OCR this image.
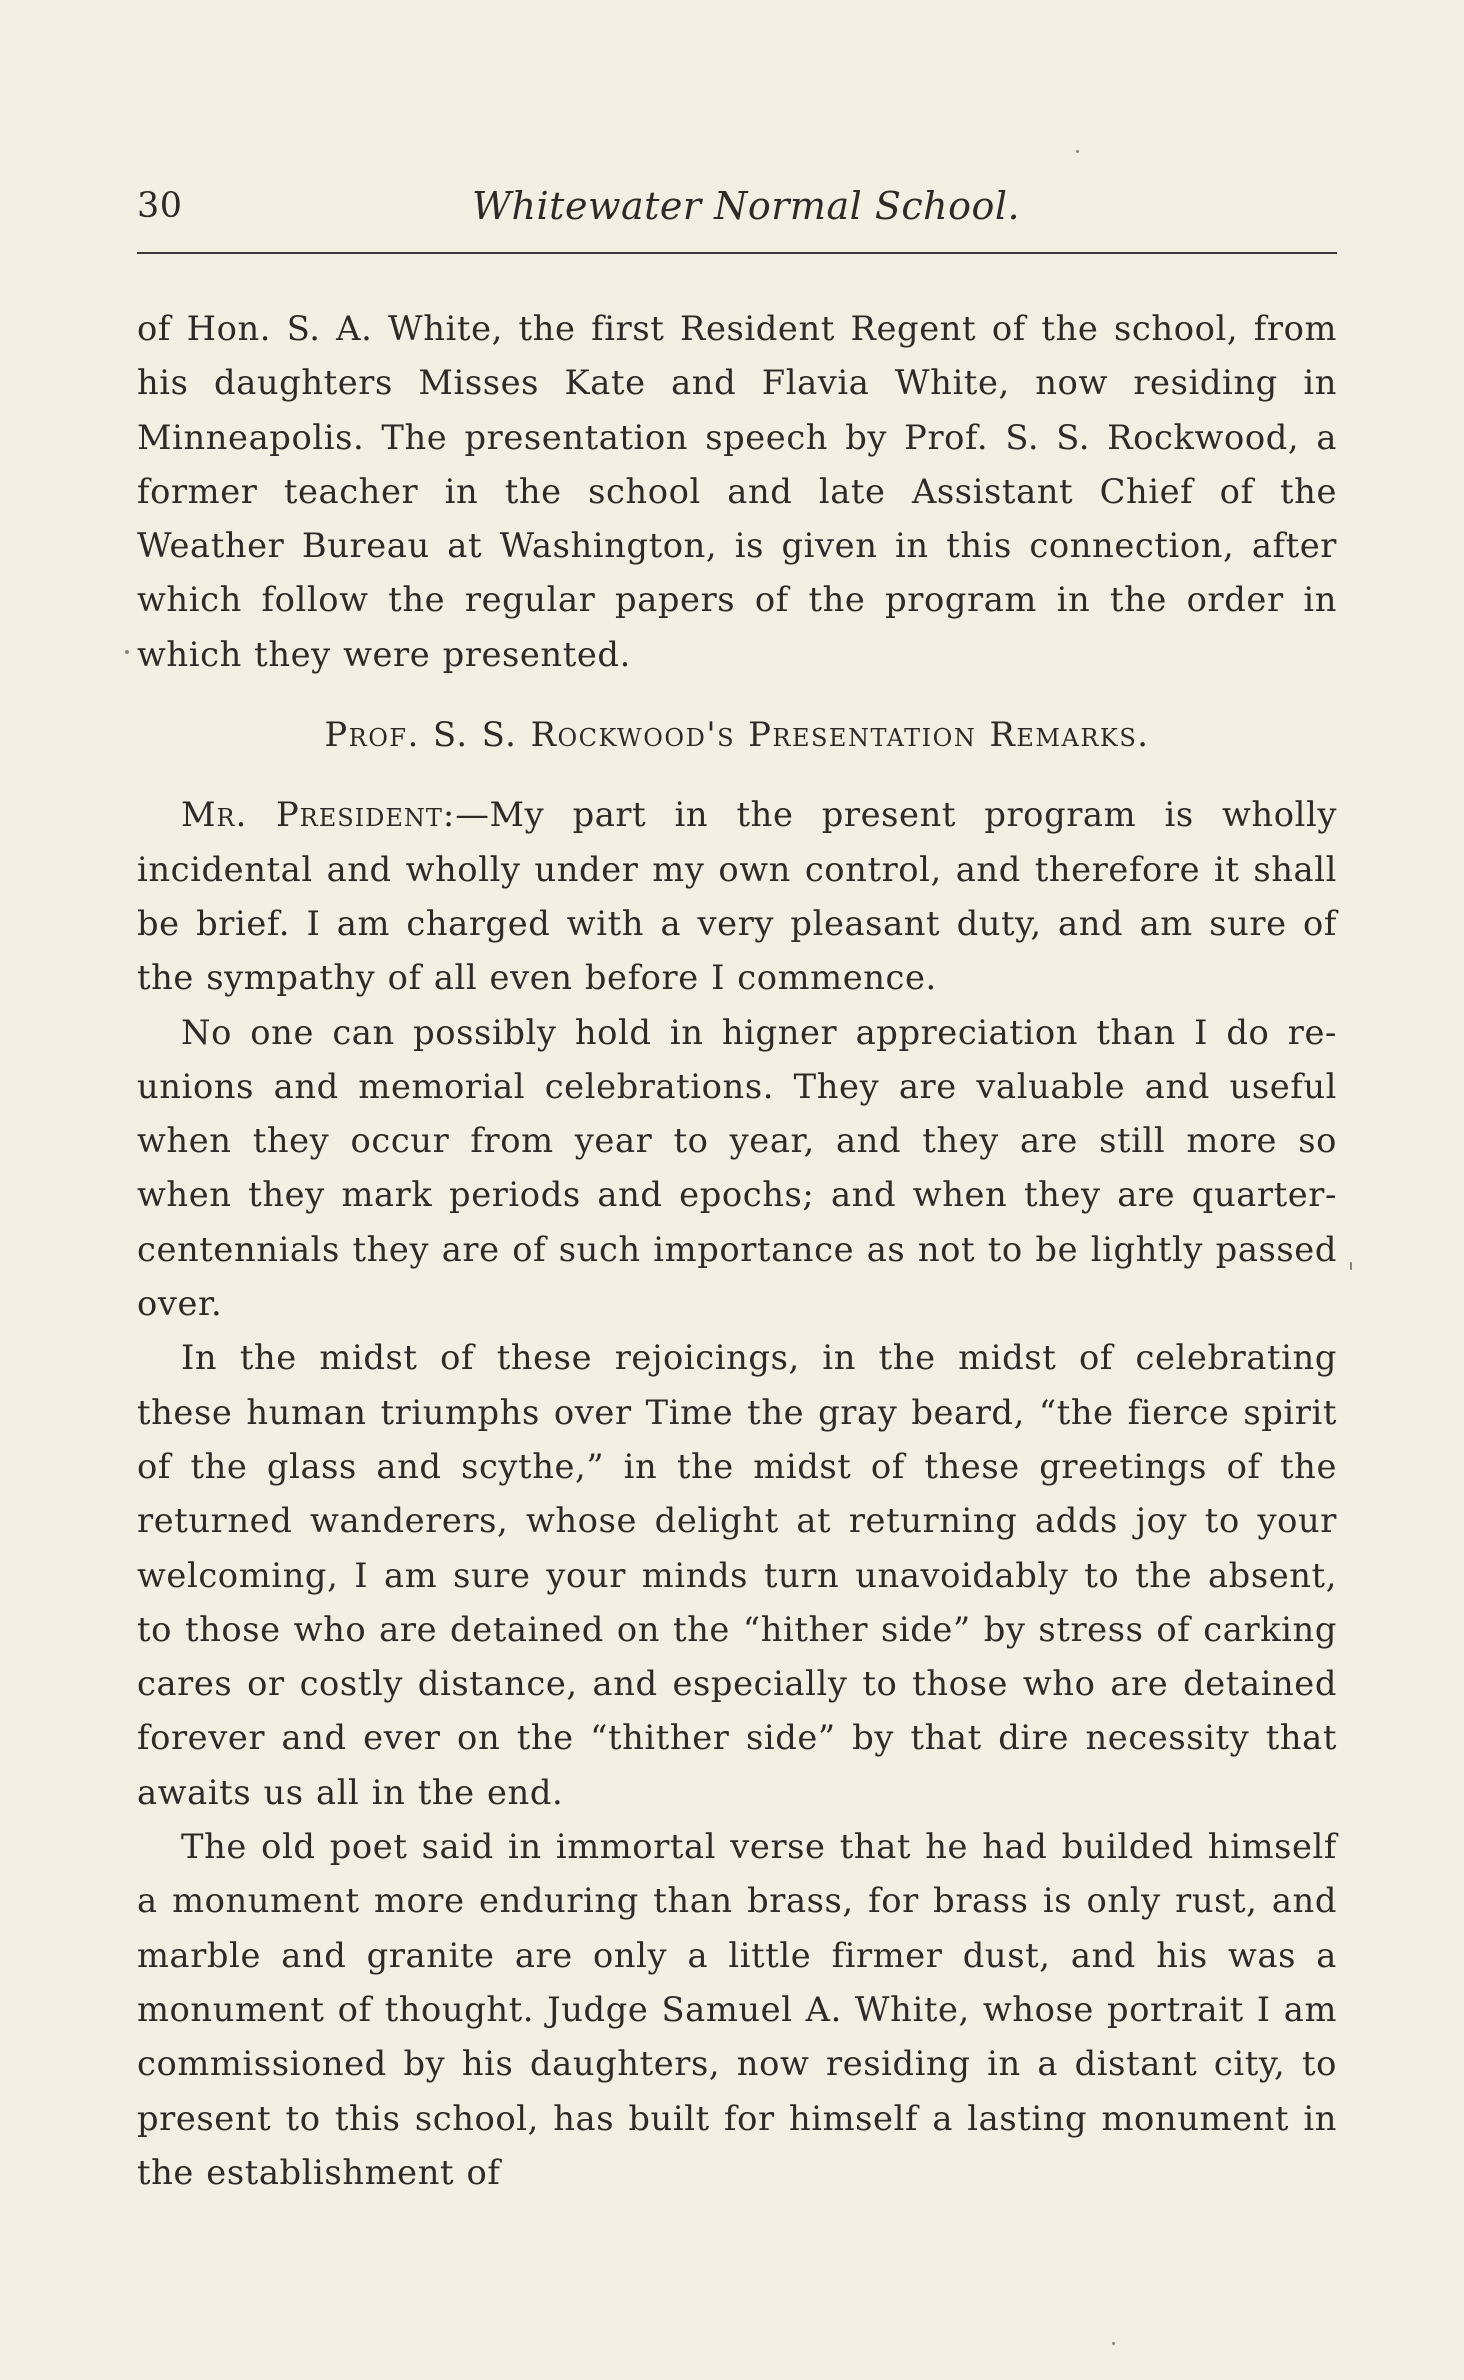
30	Whitewater Normal School.

of Hon. S. A. White, the first Resident Regent of the school, from his daughters Misses Kate and Flavia White, now residing in Minneapolis. The presentation speech by Prof. S. S. Rockwood, a former teacher in the school and late Assistant Chief of the Weather Bureau at Washington, is given in this connection, after which follow the regular papers of the program in the order in which they were presented.

Prof. S. S. Rockwood's Presentation Remarks.

Mr. President:—My part in the present program is wholly incidental and wholly under my own control, and therefore it shall be brief. I am charged with a very pleasant duty, and am sure of the sympathy of all even before I commence.

No one can possibly hold in higner appreciation than I do re-unions and memorial celebrations. They are valuable and useful when they occur from year to year, and they are still more so when they mark periods and epochs; and when they are quarter-centennials they are of such importance as not to be lightly passed over.

In the midst of these rejoicings, in the midst of celebrating these human triumphs over Time the gray beard, “the fierce spirit of the glass and scythe,” in the midst of these greetings of the returned wanderers, whose delight at returning adds joy to your welcoming, I am sure your minds turn unavoidably to the absent, to those who are detained on the “hither side” by stress of carking cares or costly distance, and especially to those who are detained forever and ever on the “thither side” by that dire necessity that awaits us all in the end.

The old poet said in immortal verse that he had builded himself a monument more enduring than brass, for brass is only rust, and marble and granite are only a little firmer dust, and his was a monument of thought. Judge Samuel A. White, whose portrait I am commissioned by his daughters, now residing in a distant city, to present to this school, has built for himself a lasting monument in the establishment of
